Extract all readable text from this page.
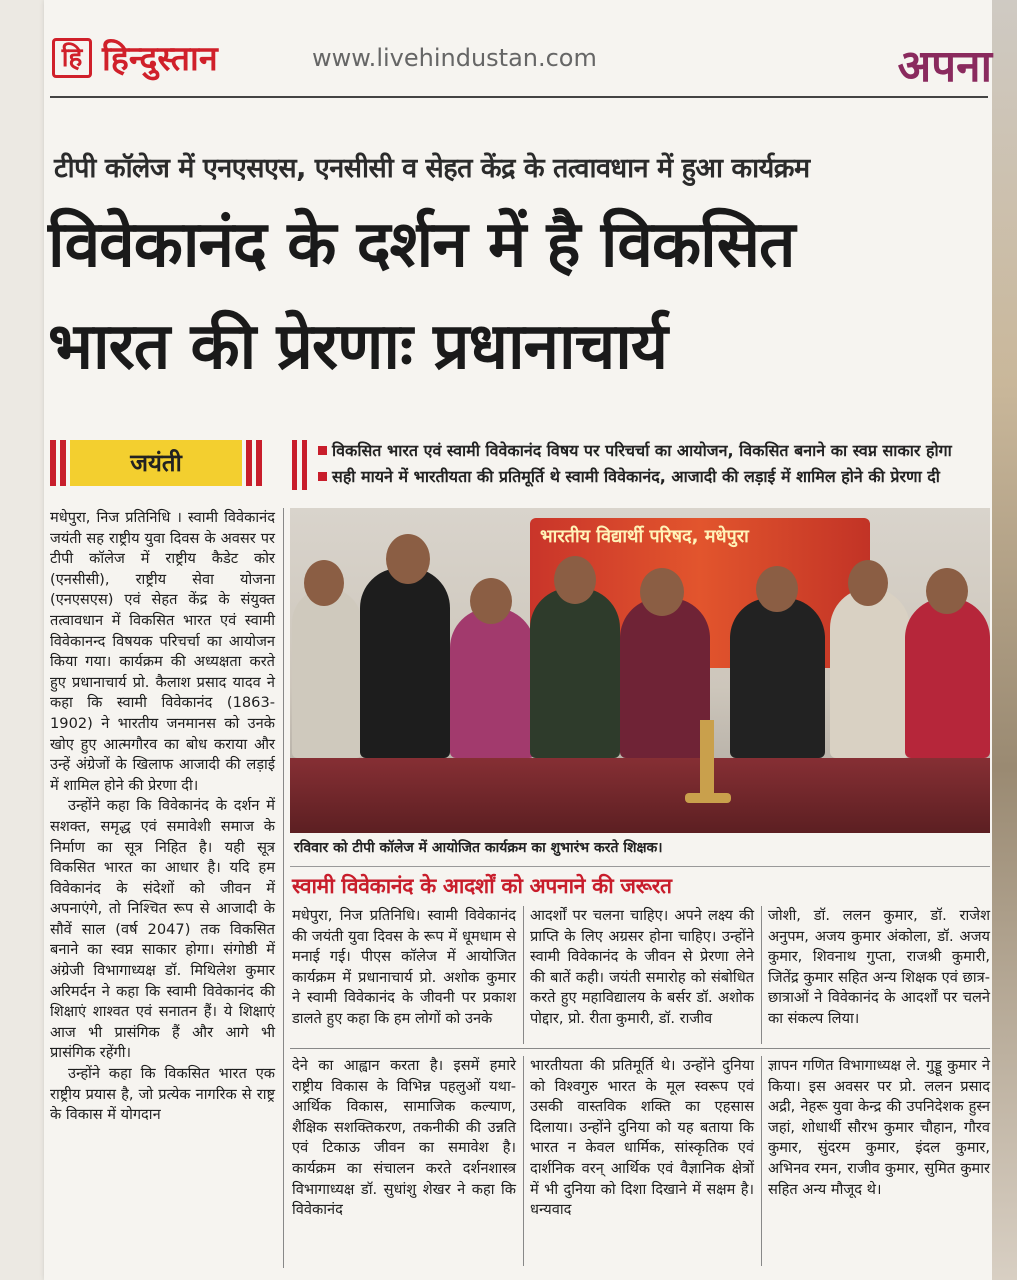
हि हिन्दुस्तान	www.livehindustan.com	अपना
टीपी कॉलेज में एनएसएस, एनसीसी व सेहत केंद्र के तत्वावधान में हुआ कार्यक्रम
विवेकानंद के दर्शन में है विकसित
भारत की प्रेरणाः प्रधानाचार्य
जयंती	विकसित भारत एवं स्वामी विवेकानंद विषय पर परिचर्चा का आयोजन, विकसित बनाने का स्वप्न साकार होगा
सही मायने में भारतीयता की प्रतिमूर्ति थे स्वामी विवेकानंद, आजादी की लड़ाई में शामिल होने की प्रेरणा दी
भारतीय विद्यार्थी परिषद, मधेपुरा
रविवार को टीपी कॉलेज में आयोजित कार्यक्रम का शुभारंभ करते शिक्षक।

मधेपुरा, निज प्रतिनिधि । स्वामी विवेकानंद जयंती सह राष्ट्रीय युवा दिवस के अवसर पर टीपी कॉलेज में राष्ट्रीय कैडेट कोर (एनसीसी), राष्ट्रीय सेवा योजना (एनएसएस) एवं सेहत केंद्र के संयुक्त तत्वावधान में विकसित भारत एवं स्वामी विवेकानन्द विषयक परिचर्चा का आयोजन किया गया। कार्यक्रम की अध्यक्षता करते हुए प्रधानाचार्य प्रो. कैलाश प्रसाद यादव ने कहा कि स्वामी विवेकानंद (1863-1902) ने भारतीय जनमानस को उनके खोए हुए आत्मगौरव का बोध कराया और उन्हें अंग्रेजों के खिलाफ आजादी की लड़ाई में शामिल होने की प्रेरणा दी।

उन्होंने कहा कि विवेकानंद के दर्शन में सशक्त, समृद्ध एवं समावेशी समाज के निर्माण का सूत्र निहित है। यही सूत्र विकसित भारत का आधार है। यदि हम विवेकानंद के संदेशों को जीवन में अपनाएंगे, तो निश्चित रूप से आजादी के सौवें साल (वर्ष 2047) तक विकसित बनाने का स्वप्न साकार होगा। संगोष्ठी में अंग्रेजी विभागाध्यक्ष डॉ. मिथिलेश कुमार अरिमर्दन ने कहा कि स्वामी विवेकानंद की शिक्षाएं शाश्वत एवं सनातन हैं। ये शिक्षाएं आज भी प्रासंगिक हैं और आगे भी प्रासंगिक रहेंगी।

उन्होंने कहा कि विकसित भारत एक राष्ट्रीय प्रयास है, जो प्रत्येक नागरिक से राष्ट्र के विकास में योगदान

स्वामी विवेकानंद के आदर्शों को अपनाने की जरूरत
मधेपुरा, निज प्रतिनिधि। स्वामी विवेकानंद की जयंती युवा दिवस के रूप में धूमधाम से मनाई गई। पीएस कॉलेज में आयोजित कार्यक्रम में प्रधानाचार्य प्रो. अशोक कुमार ने स्वामी विवेकानंद के जीवनी पर प्रकाश डालते हुए कहा कि हम लोगों को उनके
आदर्शों पर चलना चाहिए। अपने लक्ष्य की प्राप्ति के लिए अग्रसर होना चाहिए। उन्होंने स्वामी विवेकानंद के जीवन से प्रेरणा लेने की बातें कही। जयंती समारोह को संबोधित करते हुए महाविद्यालय के बर्सर डॉ. अशोक पोद्दार, प्रो. रीता कुमारी, डॉ. राजीव
जोशी, डॉ. ललन कुमार, डॉ. राजेश अनुपम, अजय कुमार अंकोला, डॉ. अजय कुमार, शिवनाथ गुप्ता, राजश्री कुमारी, जितेंद्र कुमार सहित अन्य शिक्षक एवं छात्र-छात्राओं ने विवेकानंद के आदर्शों पर चलने का संकल्प लिया।
देने का आह्वान करता है। इसमें हमारे राष्ट्रीय विकास के विभिन्न पहलुओं यथा- आर्थिक विकास, सामाजिक कल्याण, शैक्षिक सशक्तिकरण, तकनीकी की उन्नति एवं टिकाऊ जीवन का समावेश है। कार्यक्रम का संचालन करते दर्शनशास्त्र विभागाध्यक्ष डॉ. सुधांशु शेखर ने कहा कि विवेकानंद
भारतीयता की प्रतिमूर्ति थे। उन्होंने दुनिया को विश्वगुरु भारत के मूल स्वरूप एवं उसकी वास्तविक शक्ति का एहसास दिलाया। उन्होंने दुनिया को यह बताया कि भारत न केवल धार्मिक, सांस्कृतिक एवं दार्शनिक वरन् आर्थिक एवं वैज्ञानिक क्षेत्रों में भी दुनिया को दिशा दिखाने में सक्षम है। धन्यवाद
ज्ञापन गणित विभागाध्यक्ष ले. गुड्डू कुमार ने किया। इस अवसर पर प्रो. ललन प्रसाद अद्री, नेहरू युवा केन्द्र की उपनिदेशक हुस्न जहां, शोधार्थी सौरभ कुमार चौहान, गौरव कुमार, सुंदरम कुमार, इंदल कुमार, अभिनव रमन, राजीव कुमार, सुमित कुमार सहित अन्य मौजूद थे।
